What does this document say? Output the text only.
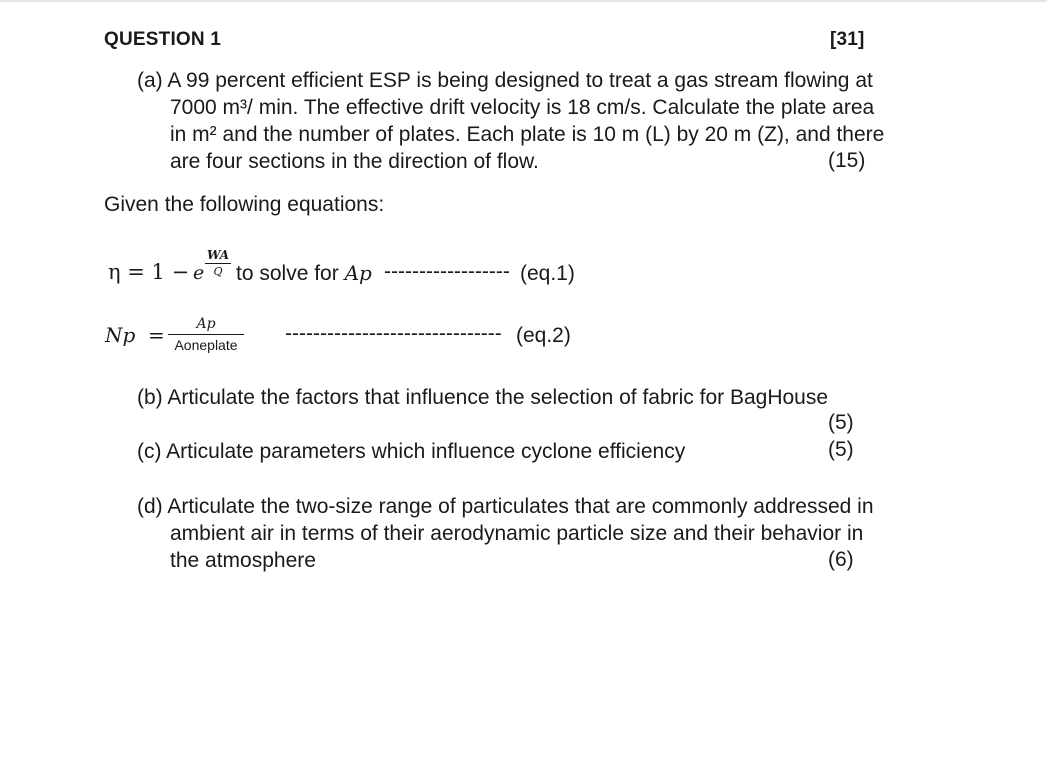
QUESTION 1	[31]
(a) A 99 percent efficient ESP is being designed to treat a gas stream flowing at
7000 m³/ min. The effective drift velocity is 18 cm/s. Calculate the plate area
in m² and the number of plates. Each plate is 10 m (L) by 20 m (Z), and there
are four sections in the direction of flow.	(15)
Given the following equations:
η = 1 − e
WA
Q to solve for Ap ------------------ (eq.1)
Np =	Ap
Aoneplate	------------------------------- (eq.2)
(b) Articulate the factors that influence the selection of fabric for BagHouse
(5)
(c) Articulate parameters which influence cyclone efficiency	(5)
(d) Articulate the two-size range of particulates that are commonly addressed in
ambient air in terms of their aerodynamic particle size and their behavior in
the atmosphere	(6)
